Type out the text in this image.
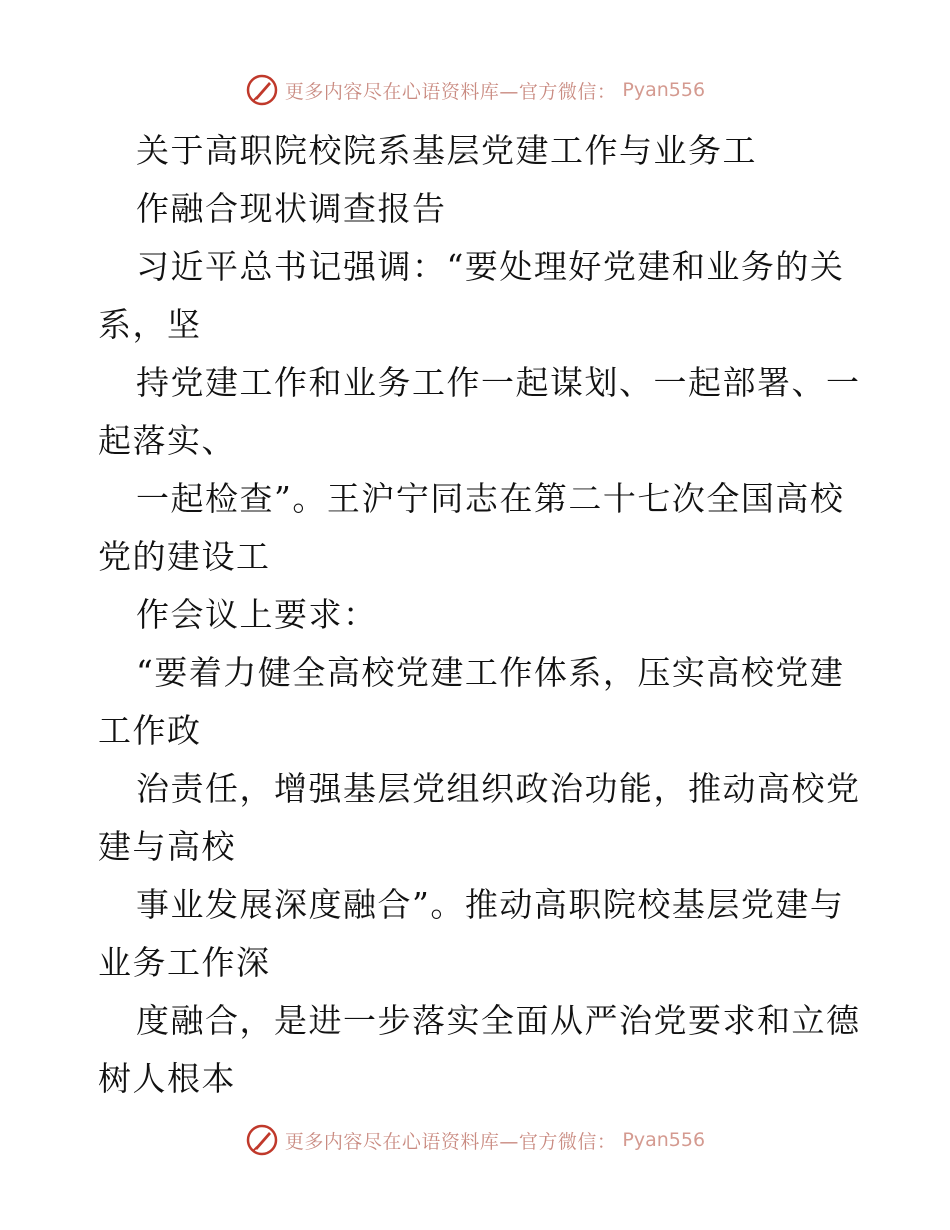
更多内容尽在心语资料库—官方微信： Pyan556
关于高职院校院系基层党建工作与业务工
作融合现状调查报告
习近平总书记强调：“要处理好党建和业务的关
系，坚
持党建工作和业务工作一起谋划、一起部署、一
起落实、
一起检查”。王沪宁同志在第二十七次全国高校
党的建设工
作会议上要求：
“要着力健全高校党建工作体系，压实高校党建
工作政
治责任，增强基层党组织政治功能，推动高校党
建与高校
事业发展深度融合”。推动高职院校基层党建与
业务工作深
度融合，是进一步落实全面从严治党要求和立德
树人根本
更多内容尽在心语资料库—官方微信： Pyan556
